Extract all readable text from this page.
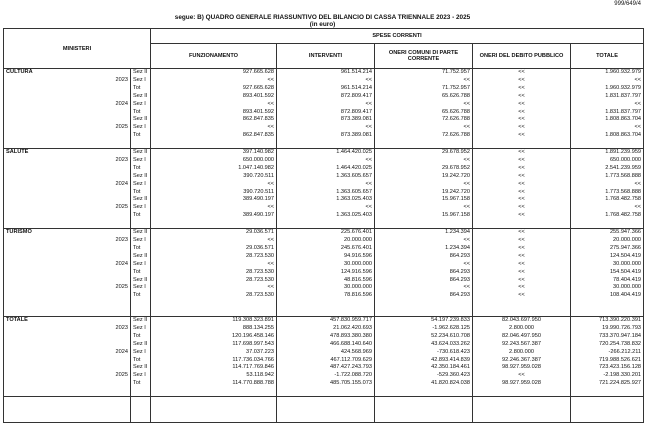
999/649/4
segue: B) QUADRO GENERALE RIASSUNTIVO DEL BILANCIO DI CASSA TRIENNALE 2023 - 2025
(in euro)
MINISTERI			SPESE CORRENTI				
			FUNZIONAMENTO	INTERVENTI	ONERI COMUNI DI PARTE CORRENTE	ONERI DEL DEBITO PUBBLICO	TOTALE
CULTURA		Sez II	927.665.628	961.514.214	71.752.957	<<	1.960.932.979
	2023	Sez I	<<	<<	<<	<<	<<
		Tot	927.665.628	961.514.214	71.752.957	<<	1.960.932.979
		Sez II	893.401.592	872.809.417	65.626.788	<<	1.831.837.797
	2024	Sez I	<<	<<	<<	<<	<<
		Tot	893.401.592	872.809.417	65.626.788	<<	1.831.837.797
		Sez II	862.847.835	873.389.081	72.626.788	<<	1.808.863.704
	2025	Sez I	<<	<<	<<	<<	<<
		Tot	862.847.835	873.389.081	72.626.788	<<	1.808.863.704

SALUTE		Sez II	397.140.982	1.464.420.025	29.678.952	<<	1.891.239.959
	2023	Sez I	650.000.000	<<	<<	<<	650.000.000
		Tot	1.047.140.982	1.464.420.025	29.678.952	<<	2.541.239.959
		Sez II	390.720.511	1.363.605.657	19.242.720	<<	1.773.568.888
	2024	Sez I	<<	<<	<<	<<	<<
		Tot	390.720.511	1.363.605.657	19.242.720	<<	1.773.568.888
		Sez II	389.490.197	1.363.025.403	15.967.158	<<	1.768.482.758
	2025	Sez I	<<	<<	<<	<<	<<
		Tot	389.490.197	1.363.025.403	15.967.158	<<	1.768.482.758

TURISMO		Sez II	29.036.571	225.676.401	1.234.394	<<	255.947.366
	2023	Sez I	<<	20.000.000	<<	<<	20.000.000
		Tot	29.036.571	245.676.401	1.234.394	<<	275.947.366
		Sez II	28.723.530	94.916.596	864.293	<<	124.504.419
	2024	Sez I	<<	30.000.000	<<	<<	30.000.000
		Tot	28.723.530	124.916.596	864.293	<<	154.504.419
		Sez II	28.723.530	48.816.596	864.293	<<	78.404.419
	2025	Sez I	<<	30.000.000	<<	<<	30.000.000
		Tot	28.723.530	78.816.596	864.293	<<	108.404.419

TOTALE		Sez II	119.308.323.891	457.830.959.717	54.197.239.833	82.043.697.950	713.390.220.391
	2023	Sez I	888.134.255	21.062.420.693	-1.962.628.125	2.800.000	19.990.726.793
		Tot	120.196.458.146	478.893.380.380	52.234.610.708	82.046.497.950	733.370.947.184
		Sez II	117.698.997.543	466.688.140.640	43.624.033.262	92.243.567.387	720.254.738.832
	2024	Sez I	37.037.223	424.568.969	-730.618.423	2.800.000	-266.212.211
		Tot	117.736.034.766	467.112.709.629	42.893.414.839	92.246.367.387	719.988.526.621
		Sez II	114.717.769.846	487.427.243.793	42.350.184.461	98.927.959.028	723.423.156.128
	2025	Sez I	53.118.942	-1.722.088.720	-529.360.423	<<	-2.198.330.201
		Tot	114.770.888.788	485.705.155.073	41.820.824.038	98.927.959.028	721.224.825.927
